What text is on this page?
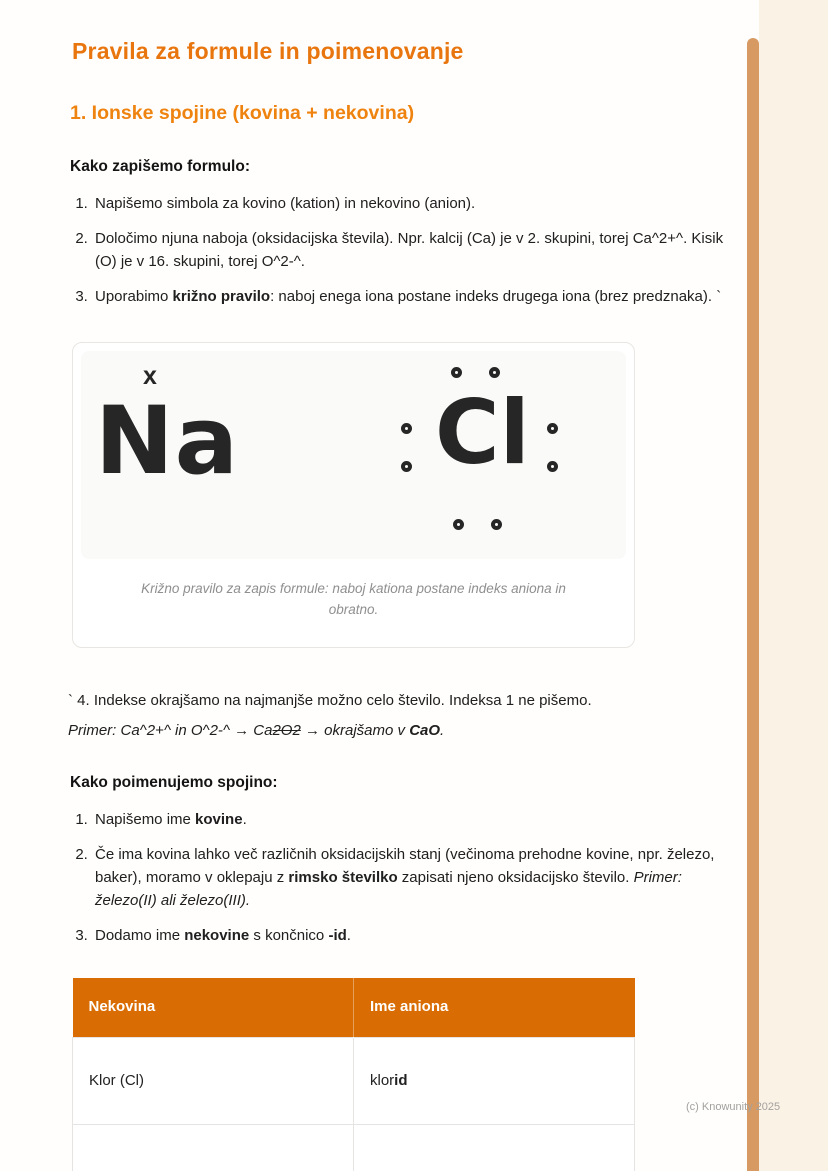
(c) Knowunity 2025
Pravila za formule in poimenovanje
1. Ionske spojine (kovina + nekovina)

Kako zapišemo formulo:

1. Napišemo simbola za kovino (kation) in nekovino (anion).
2. Določimo njuna naboja (oksidacijska števila). Npr. kalcij (Ca) je v 2. skupini, torej Ca^2+^. Kisik (O) je v 16. skupini, torej O^2-^.
3. Uporabimo križno pravilo: naboj enega iona postane indeks drugega iona (brez predznaka). `
x
Na Cl
Križno pravilo za zapis formule: naboj kationa postane indeks aniona in obratno.

` 4. Indekse okrajšamo na najmanjše možno celo število. Indeksa 1 ne pišemo.

Primer: Ca^2+^ in O^2-^ → Ca2O2 → okrajšamo v CaO.

Kako poimenujemo spojino:

1. Napišemo ime kovine.
2. Če ima kovina lahko več različnih oksidacijskih stanj (večinoma prehodne kovine, npr. železo, baker), moramo v oklepaju z rimsko številko zapisati njeno oksidacijsko število. Primer: železo(II) ali železo(III).
3. Dodamo ime nekovine s končnico -id.
Nekovina	Ime aniona
Klor (Cl)	klorid
